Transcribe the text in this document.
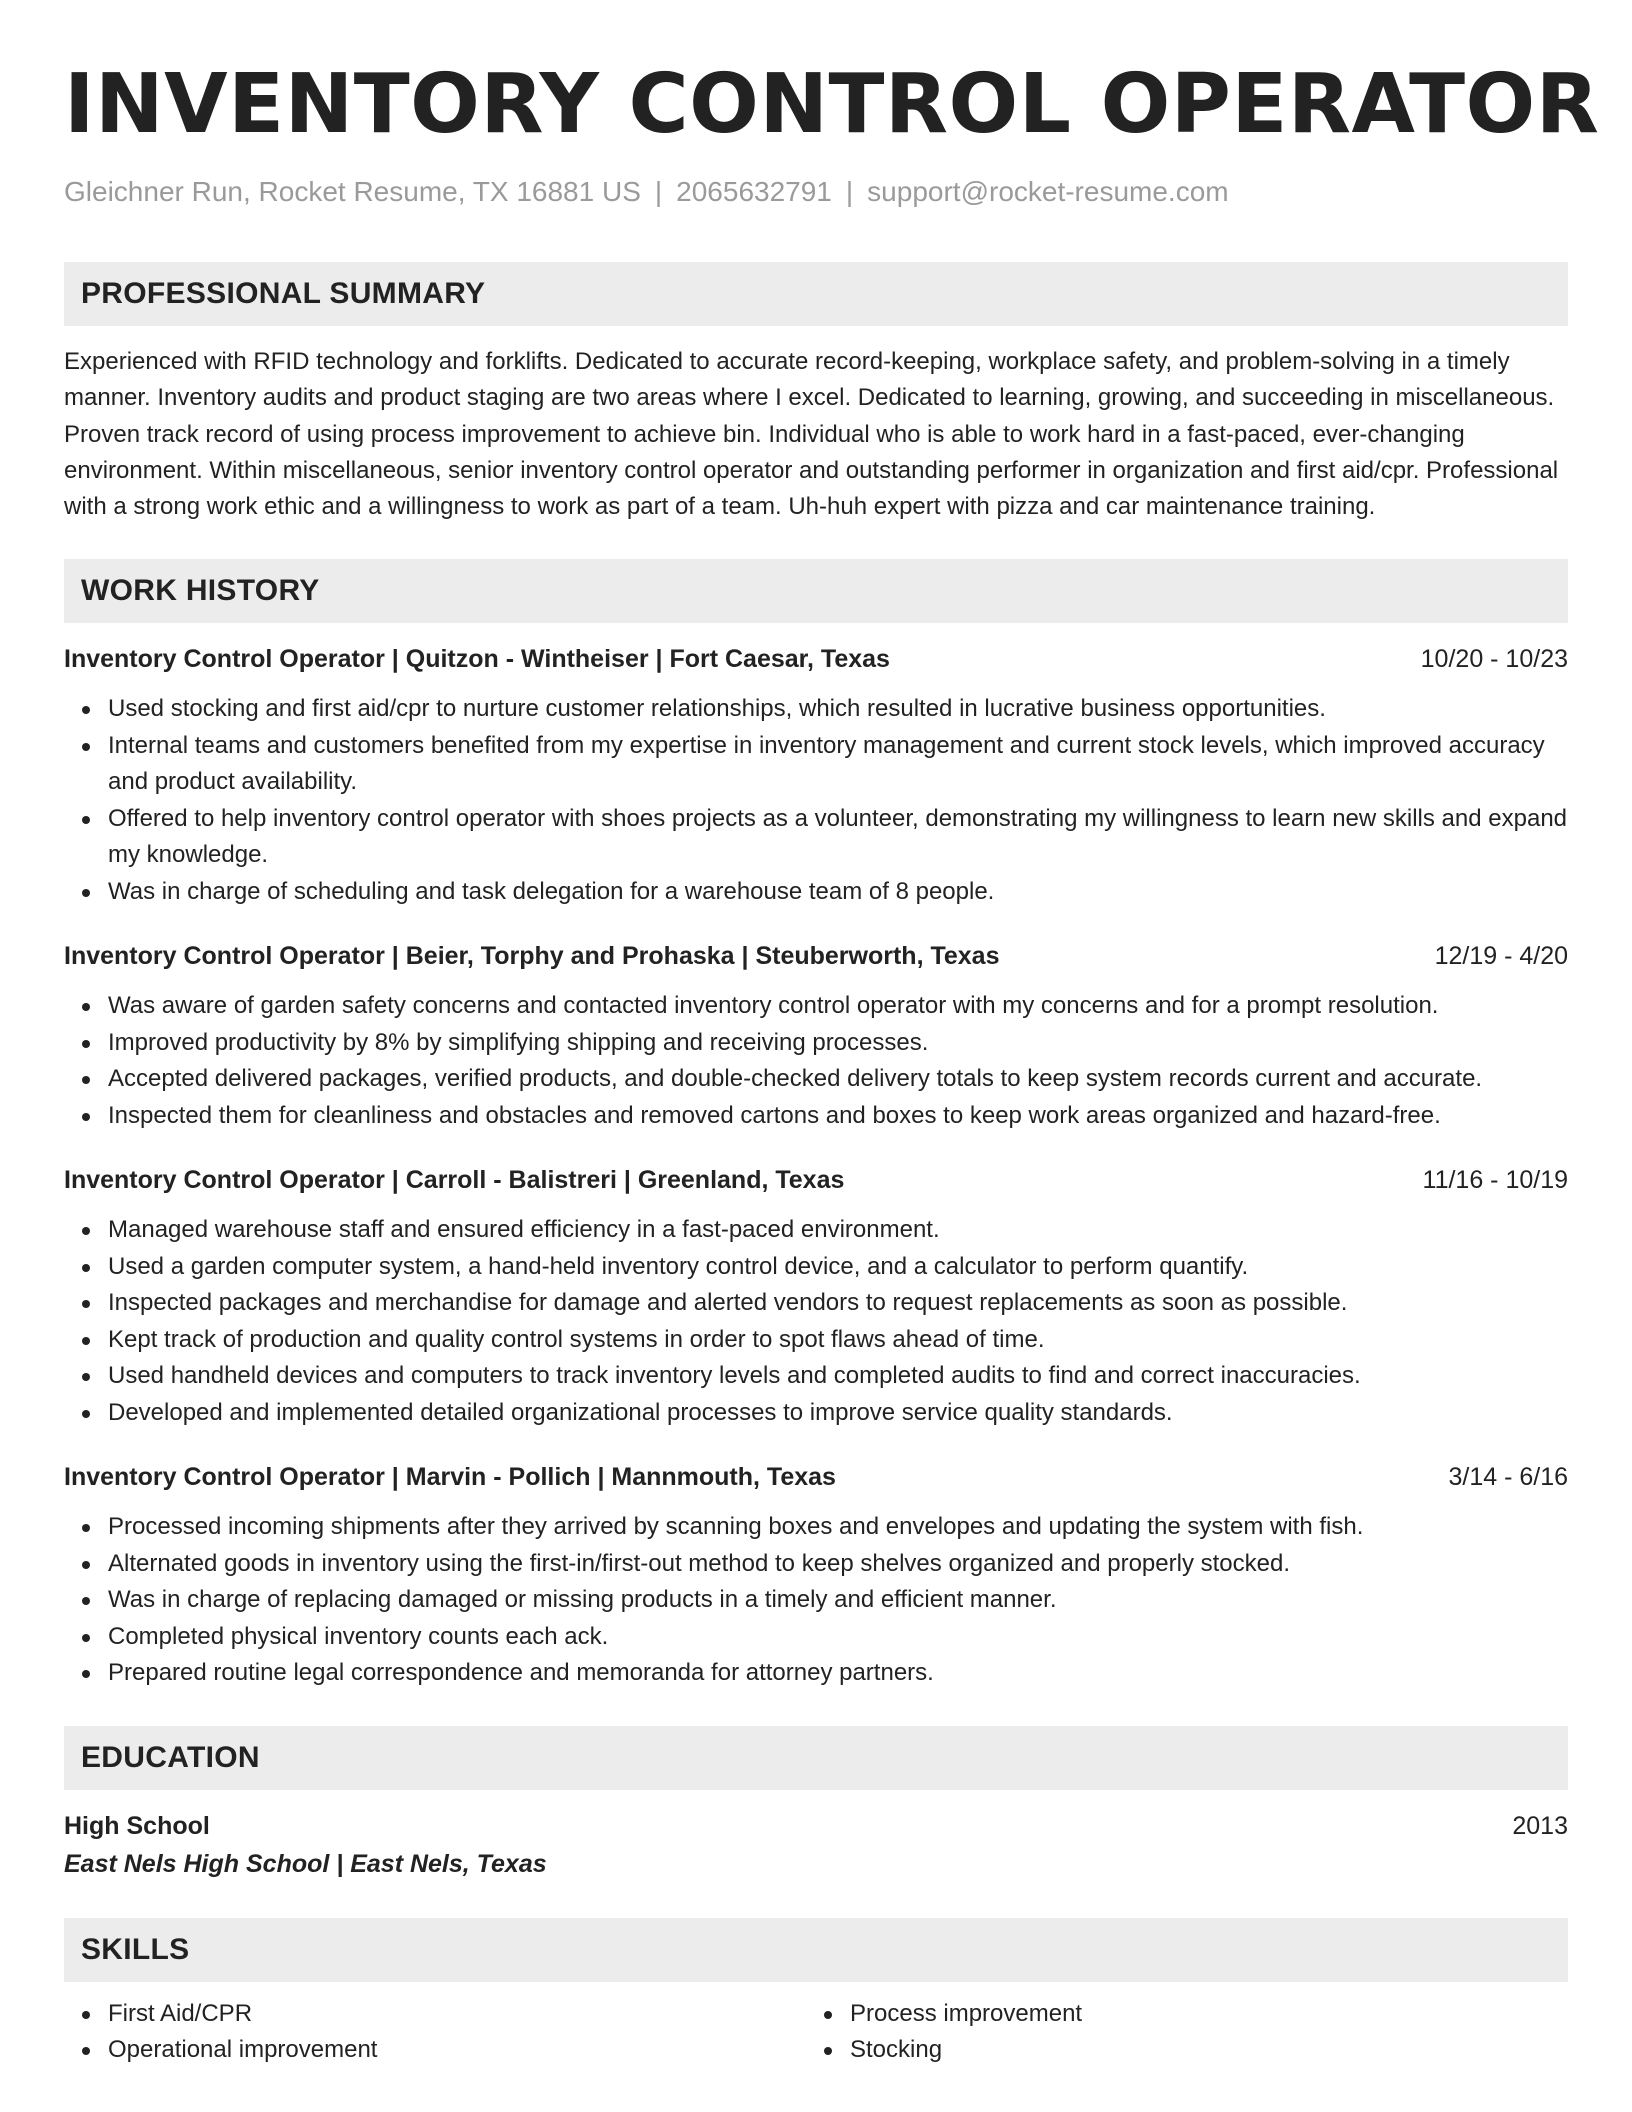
INVENTORY CONTROL OPERATOR
Gleichner Run, Rocket Resume, TX 16881 US | 2065632791 | support@rocket-resume.com
PROFESSIONAL SUMMARY
Experienced with RFID technology and forklifts. Dedicated to accurate record-keeping, workplace safety, and problem-solving in a timely manner. Inventory audits and product staging are two areas where I excel. Dedicated to learning, growing, and succeeding in miscellaneous. Proven track record of using process improvement to achieve bin. Individual who is able to work hard in a fast-paced, ever-changing environment. Within miscellaneous, senior inventory control operator and outstanding performer in organization and first aid/cpr. Professional with a strong work ethic and a willingness to work as part of a team. Uh-huh expert with pizza and car maintenance training.
WORK HISTORY
Inventory Control Operator | Quitzon - Wintheiser | Fort Caesar, Texas	10/20 - 10/23
Used stocking and first aid/cpr to nurture customer relationships, which resulted in lucrative business opportunities.
Internal teams and customers benefited from my expertise in inventory management and current stock levels, which improved accuracy and product availability.
Offered to help inventory control operator with shoes projects as a volunteer, demonstrating my willingness to learn new skills and expand my knowledge.
Was in charge of scheduling and task delegation for a warehouse team of 8 people.
Inventory Control Operator | Beier, Torphy and Prohaska | Steuberworth, Texas	12/19 - 4/20
Was aware of garden safety concerns and contacted inventory control operator with my concerns and for a prompt resolution.
Improved productivity by 8% by simplifying shipping and receiving processes.
Accepted delivered packages, verified products, and double-checked delivery totals to keep system records current and accurate.
Inspected them for cleanliness and obstacles and removed cartons and boxes to keep work areas organized and hazard-free.
Inventory Control Operator | Carroll - Balistreri | Greenland, Texas	11/16 - 10/19
Managed warehouse staff and ensured efficiency in a fast-paced environment.
Used a garden computer system, a hand-held inventory control device, and a calculator to perform quantify.
Inspected packages and merchandise for damage and alerted vendors to request replacements as soon as possible.
Kept track of production and quality control systems in order to spot flaws ahead of time.
Used handheld devices and computers to track inventory levels and completed audits to find and correct inaccuracies.
Developed and implemented detailed organizational processes to improve service quality standards.
Inventory Control Operator | Marvin - Pollich | Mannmouth, Texas	3/14 - 6/16
Processed incoming shipments after they arrived by scanning boxes and envelopes and updating the system with fish.
Alternated goods in inventory using the first-in/first-out method to keep shelves organized and properly stocked.
Was in charge of replacing damaged or missing products in a timely and efficient manner.
Completed physical inventory counts each ack.
Prepared routine legal correspondence and memoranda for attorney partners.
EDUCATION
High School	2013
East Nels High School | East Nels, Texas
SKILLS
First Aid/CPR
Operational improvement
Process improvement
Stocking
